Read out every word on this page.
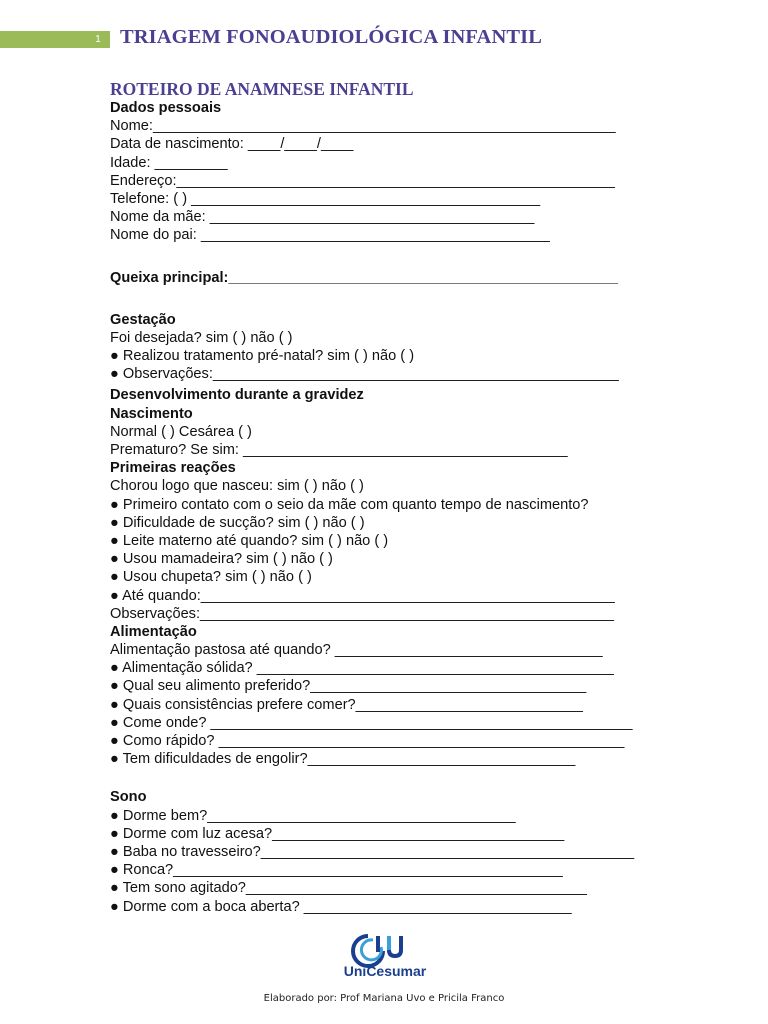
1 TRIAGEM FONOAUDIOLÓGICA INFANTIL
ROTEIRO DE ANAMNESE INFANTIL
Dados pessoais
Nome:_________________________________________________________
Data de nascimento: ____/____/____
Idade: _________
Endereço:______________________________________________________
Telefone: ( ) ___________________________________________
Nome da mãe: ________________________________________
Nome do pai: ___________________________________________
Queixa principal:________________________________________________
Gestação
Foi desejada? sim ( ) não ( )
● Realizou tratamento pré-natal? sim ( ) não ( )
● Observações:__________________________________________________
Desenvolvimento durante a gravidez
Nascimento
Normal ( ) Cesárea ( )
Prematuro? Se sim: ________________________________________
Primeiras reações
Chorou logo que nasceu: sim ( ) não ( )
● Primeiro contato com o seio da mãe com quanto tempo de nascimento?
● Dificuldade de sucção? sim ( ) não ( )
● Leite materno até quando? sim ( ) não ( )
● Usou mamadeira? sim ( ) não ( )
● Usou chupeta? sim ( ) não ( )
● Até quando:___________________________________________________
Observações:___________________________________________________
Alimentação
Alimentação pastosa até quando? _________________________________
● Alimentação sólida? ____________________________________________
● Qual seu alimento preferido?__________________________________
● Quais consistências prefere comer?____________________________
● Come onde? ____________________________________________________
● Como rápido? __________________________________________________
● Tem dificuldades de engolir?_________________________________
Sono
● Dorme bem?______________________________________
● Dorme com luz acesa?____________________________________
● Baba no travesseiro?______________________________________________
● Ronca?________________________________________________
● Tem sono agitado?__________________________________________
● Dorme com a boca aberta? _________________________________
UniCesumar
Elaborado por: Prof Mariana Uvo e Pricila Franco
